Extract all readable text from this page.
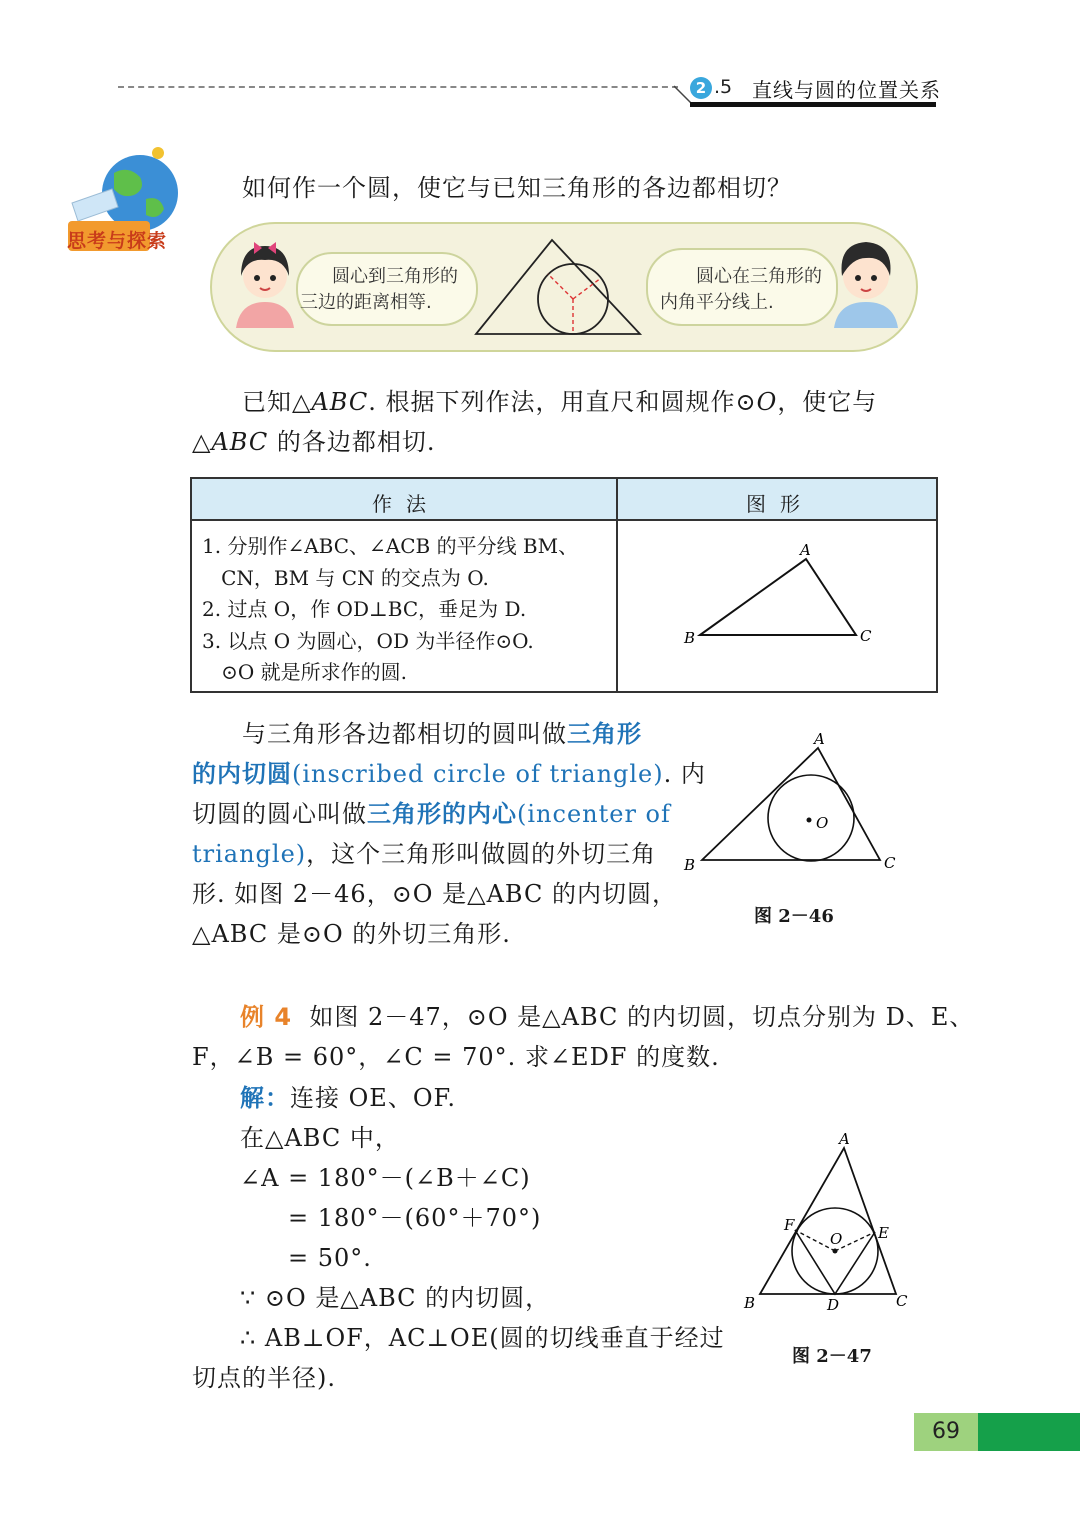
2 .5 直线与圆的位置关系
思考与探索
如何作一个圆，使它与已知三角形的各边都相切？
圆心到三角形的
三边的距离相等.
圆心在三角形的
内角平分线上.

已知△ABC. 根据下列作法，用直尺和圆规作⊙O，使它与

△ABC 的各边都相切.

作法	图形
1. 分别作∠ABC、∠ACB 的平分线 BM、
CN，BM 与 CN 的交点为 O.
2. 过点 O，作 OD⊥BC，垂足为 D.
3. 以点 O 为圆心，OD 为半径作⊙O.
⊙O 就是所求作的圆.
A
B	C

与三角形各边都相切的圆叫做三角形

的内切圆(inscribed circle of triangle). 内

切圆的圆心叫做三角形的内心(incenter of

triangle)，这个三角形叫做圆的外切三角

形. 如图 2－46，⊙O 是△ABC 的内切圆，

△ABC 是⊙O 的外切三角形.

A
B	C
O
图 2－46

例 4 如图 2－47，⊙O 是△ABC 的内切圆，切点分别为 D、E、

F，∠B = 60°，∠C = 70°. 求∠EDF 的度数.

解：连接 OE、OF.

在△ABC 中，

∠A = 180°－(∠B＋∠C)

= 180°－(60°＋70°)

= 50°.

∵ ⊙O 是△ABC 的内切圆，

∴ AB⊥OF，AC⊥OE(圆的切线垂直于经过

切点的半径).

A
B	C
D
E
F
O
图 2－47
69
